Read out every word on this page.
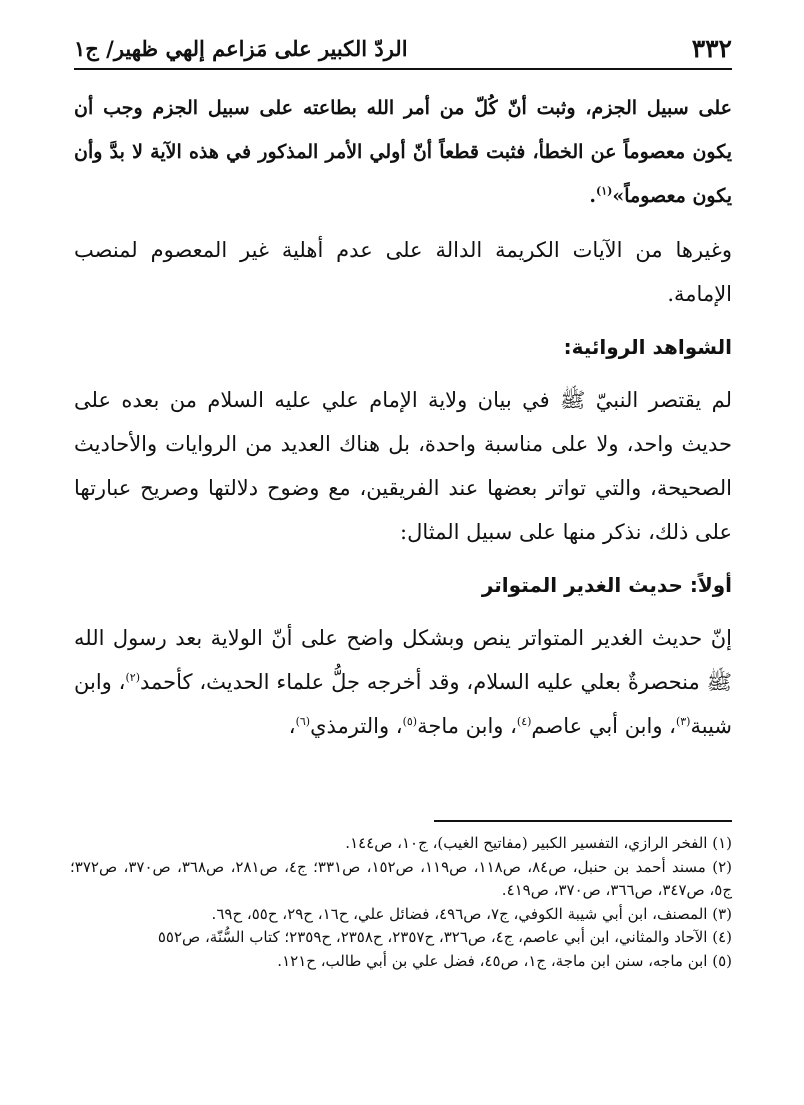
٣٣٢
الردّ الكبير على مَزاعم إلهي ظهير/ ج١

على سبيل الجزم، وثبت أنّ كُلّ من أمر الله بطاعته على سبيل الجزم وجب أن يكون معصوماً عن الخطأ، فثبت قطعاً أنّ أولي الأمر المذكور في هذه الآية لا بدَّ وأن يكون معصوماً»$^{(١)}$.

وغيرها من الآيات الكريمة الدالة على عدم أهلية غير المعصوم لمنصب الإمامة.

الشواهد الروائية:

لم يقتصر النبيّ ﷺ في بيان ولاية الإمام علي عليه السلام من بعده على حديث واحد، ولا على مناسبة واحدة، بل هناك العديد من الروايات والأحاديث الصحيحة، والتي تواتر بعضها عند الفريقين، مع وضوح دلالتها وصريح عبارتها على ذلك، نذكر منها على سبيل المثال:

أولاً: حديث الغدير المتواتر

إنّ حديث الغدير المتواتر ينص وبشكل واضح على أنّ الولاية بعد رسول الله ﷺ منحصرةٌ بعلي عليه السلام، وقد أخرجه جلُّ علماء الحديث، كأحمد$^{(٢)}$، وابن شيبة$^{(٣)}$، وابن أبي عاصم$^{(٤)}$، وابن ماجة$^{(٥)}$، والترمذي$^{(٦)}$،

(١) الفخر الرازي، التفسير الكبير (مفاتيح الغيب)، ج١٠، ص١٤٤.

(٢) مسند أحمد بن حنبل، ص٨٤، ص١١٨، ص١١٩، ص١٥٢، ص٣٣١؛ ج٤، ص٢٨١، ص٣٦٨، ص٣٧٠، ص٣٧٢؛ ج٥، ص٣٤٧، ص٣٦٦، ص٣٧٠، ص٤١٩.

(٣) المصنف، ابن أبي شيبة الكوفي، ج٧، ص٤٩٦، فضائل علي، ح١٦، ح٢٩، ح٥٥، ح٦٩.

(٤) الآحاد والمثاني، ابن أبي عاصم، ج٤، ص٣٢٦، ح٢٣٥٧، ح٢٣٥٨، ح٢٣٥٩؛ كتاب السُّنّة، ص٥٥٢

(٥) ابن ماجه، سنن ابن ماجة، ج١، ص٤٥، فضل علي بن أبي طالب، ح١٢١.
